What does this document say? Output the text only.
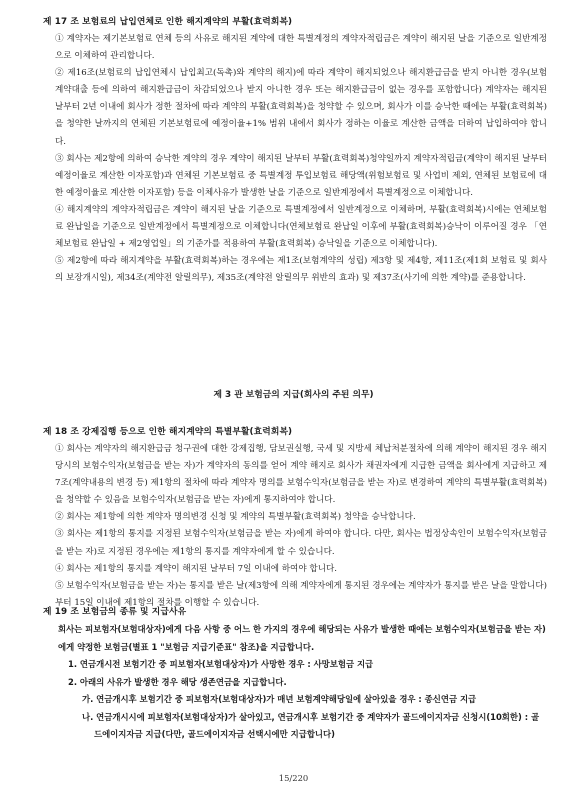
제 17 조 보험료의 납입연체로 인한 해지계약의 부활(효력회복)

① 계약자는 제기본보험료 연체 등의 사유로 해지된 계약에 대한 특별계정의 계약자적립금은 계약이 해지된 날을 기준으로 일반계정으로 이체하여 관리합니다.

② 제16조(보험료의 납입연체시 납입최고(독촉)와 계약의 해지)에 따라 계약이 해지되었으나 해지환급금을 받지 아니한 경우(보험계약대출 등에 의하여 해지환급금이 차감되었으나 받지 아니한 경우 또는 해지환급금이 없는 경우를 포함합니다) 계약자는 해지된 날부터 2년 이내에 회사가 정한 절차에 따라 계약의 부활(효력회복)을 청약할 수 있으며, 회사가 이를 승낙한 때에는 부활(효력회복)을 청약한 날까지의 연체된 기본보험료에 예정이율+1% 범위 내에서 회사가 정하는 이율로 계산한 금액을 더하여 납입하여야 합니다.

③ 회사는 제2항에 의하여 승낙한 계약의 경우 계약이 해지된 날부터 부활(효력회복)청약일까지 계약자적립금(계약이 해지된 날부터 예정이율로 계산한 이자포함)과 연체된 기본보험료 중 특별계정 투입보험료 해당액(위험보험료 및 사업비 제외, 연체된 보험료에 대한 예정이율로 계산한 이자포함) 등을 이체사유가 발생한 날을 기준으로 일반계정에서 특별계정으로 이체합니다.

④ 해지계약의 계약자적립금은 계약이 해지된 날을 기준으로 특별계정에서 일반계정으로 이체하며, 부활(효력회복)시에는 연체보험료 완납일을 기준으로 일반계정에서 특별계정으로 이체합니다(연체보험료 완납일 이후에 부활(효력회복)승낙이 이루어질 경우 「연체보험료 완납일 + 제2영업일」의 기준가를 적용하여 부활(효력회복) 승낙일을 기준으로 이체합니다).

⑤ 제2항에 따라 해지계약을 부활(효력회복)하는 경우에는 제1조(보험계약의 성립) 제3항 및 제4항, 제11조(제1회 보험료 및 회사의 보장개시일), 제34조(계약전 알릴의무), 제35조(계약전 알릴의무 위반의 효과) 및 제37조(사기에 의한 계약)를 준용합니다.

제 3 관 보험금의 지급(회사의 주된 의무)
제 18 조 강제집행 등으로 인한 해지계약의 특별부활(효력회복)

① 회사는 계약자의 해지환급금 청구권에 대한 강제집행, 담보권실행, 국세 및 지방세 체납처분절차에 의해 계약이 해지된 경우 해지 당시의 보험수익자(보험금을 받는 자)가 계약자의 동의를 얻어 계약 해지로 회사가 채권자에게 지급한 금액을 회사에게 지급하고 제7조(계약내용의 변경 등) 제1항의 절차에 따라 계약자 명의를 보험수익자(보험금을 받는 자)로 변경하여 계약의 특별부활(효력회복)을 청약할 수 있음을 보험수익자(보험금을 받는 자)에게 통지하여야 합니다.

② 회사는 제1항에 의한 계약자 명의변경 신청 및 계약의 특별부활(효력회복) 청약을 승낙합니다.

③ 회사는 제1항의 통지를 지정된 보험수익자(보험금을 받는 자)에게 하여야 합니다. 다만, 회사는 법정상속인이 보험수익자(보험금을 받는 자)로 지정된 경우에는 제1항의 통지를 계약자에게 할 수 있습니다.

④ 회사는 제1항의 통지를 계약이 해지된 날부터 7일 이내에 하여야 합니다.

⑤ 보험수익자(보험금을 받는 자)는 통지를 받은 날(제3항에 의해 계약자에게 통지된 경우에는 계약자가 통지를 받은 날을 말합니다)부터 15일 이내에 제1항의 절차를 이행할 수 있습니다.

제 19 조 보험금의 종류 및 지급사유

회사는 피보험자(보험대상자)에게 다음 사항 중 어느 한 가지의 경우에 해당되는 사유가 발생한 때에는 보험수익자(보험금을 받는 자)에게 약정한 보험금(별표 1 "보험금 지급기준표" 참조)을 지급합니다.

1. 연금개시전 보험기간 중 피보험자(보험대상자)가 사망한 경우 : 사망보험금 지급

2. 아래의 사유가 발생한 경우 해당 생존연금을 지급합니다.

가. 연금개시후 보험기간 중 피보험자(보험대상자)가 매년 보험계약해당일에 살아있을 경우 : 종신연금 지급

나. 연금개시시에 피보험자(보험대상자)가 살아있고, 연금개시후 보험기간 중 계약자가 골드에이지자금 신청시(10회한) : 골드에이지자금 지급(다만, 골드에이지자금 선택시에만 지급합니다)

15/220
